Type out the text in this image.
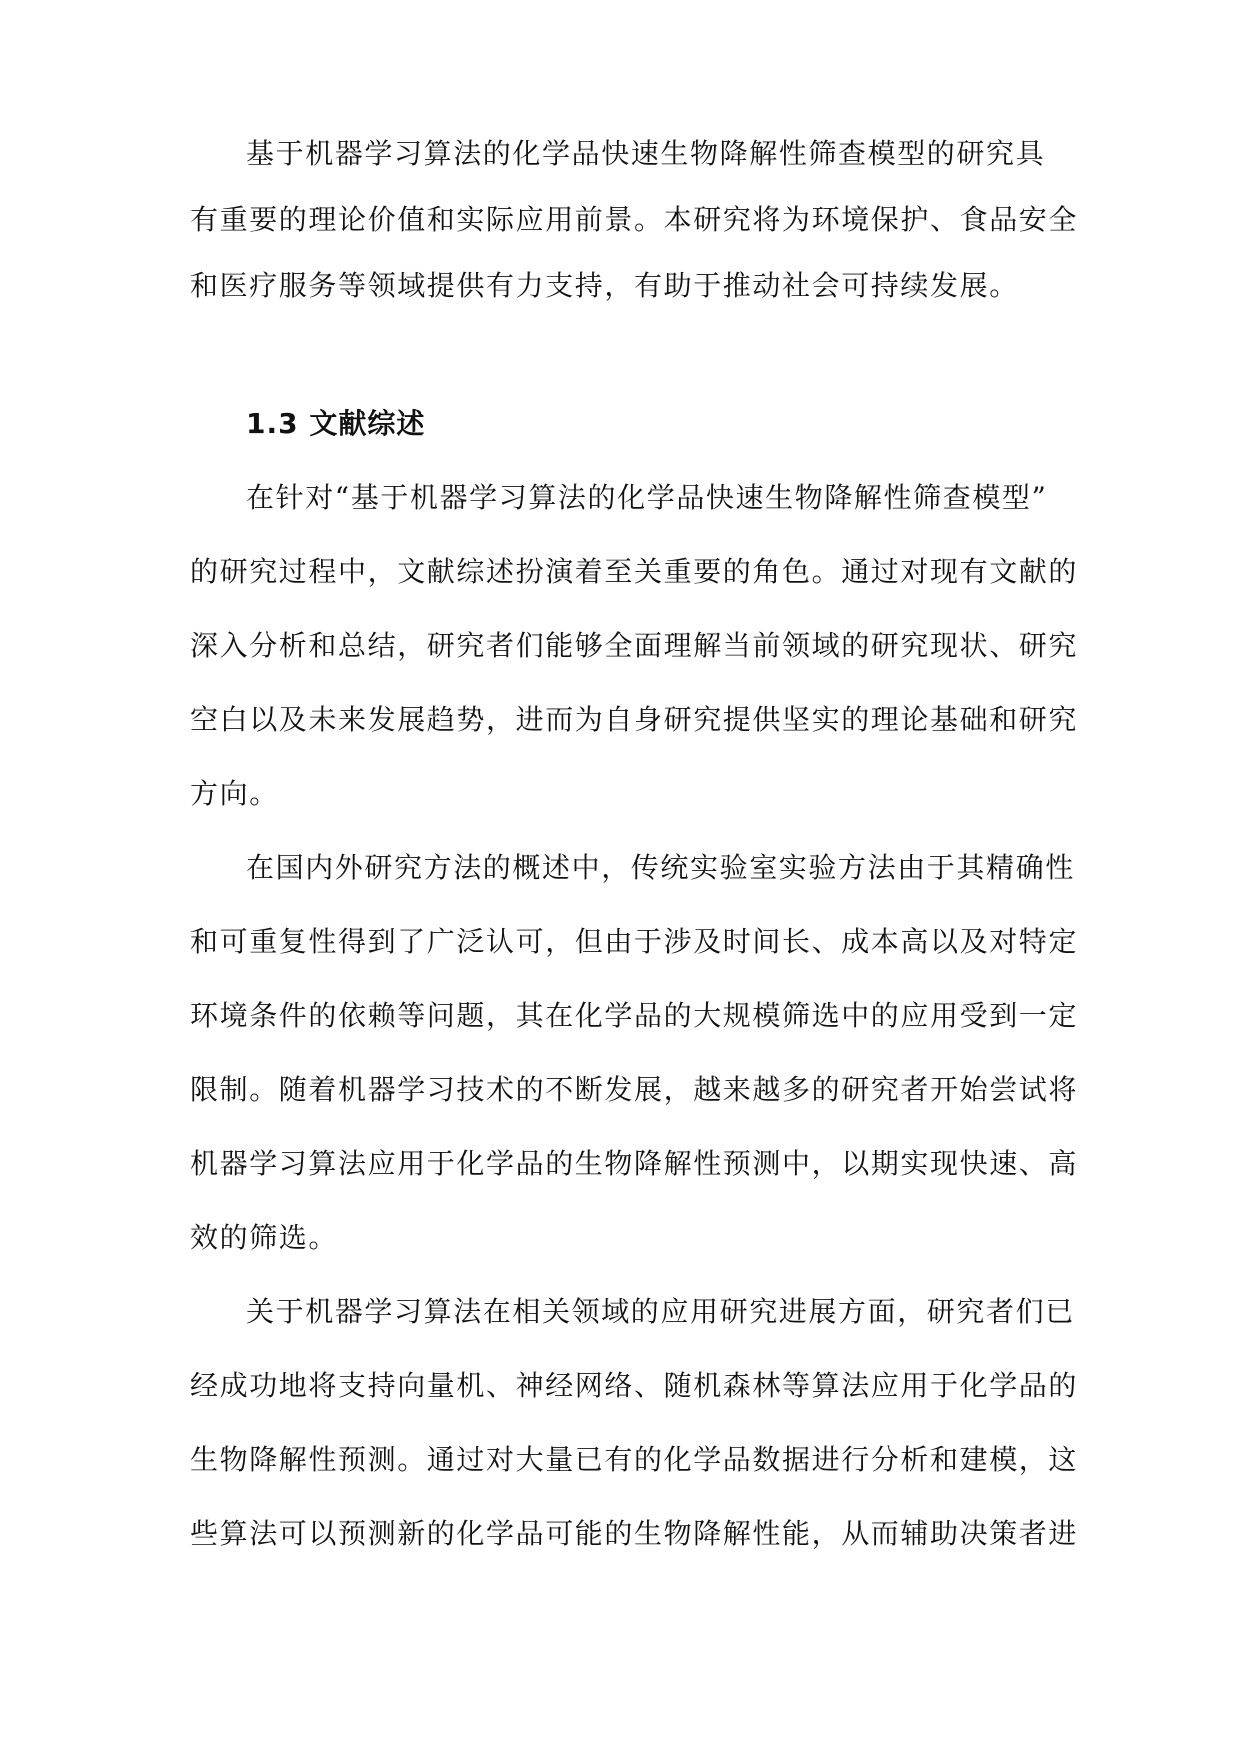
基于机器学习算法的化学品快速生物降解性筛查模型的研究具
有重要的理论价值和实际应用前景。本研究将为环境保护、食品安全
和医疗服务等领域提供有力支持，有助于推动社会可持续发展。
1.3 文献综述
在针对“基于机器学习算法的化学品快速生物降解性筛查模型”
的研究过程中，文献综述扮演着至关重要的角色。通过对现有文献的
深入分析和总结，研究者们能够全面理解当前领域的研究现状、研究
空白以及未来发展趋势，进而为自身研究提供坚实的理论基础和研究
方向。
在国内外研究方法的概述中，传统实验室实验方法由于其精确性
和可重复性得到了广泛认可，但由于涉及时间长、成本高以及对特定
环境条件的依赖等问题，其在化学品的大规模筛选中的应用受到一定
限制。随着机器学习技术的不断发展，越来越多的研究者开始尝试将
机器学习算法应用于化学品的生物降解性预测中，以期实现快速、高
效的筛选。
关于机器学习算法在相关领域的应用研究进展方面，研究者们已
经成功地将支持向量机、神经网络、随机森林等算法应用于化学品的
生物降解性预测。通过对大量已有的化学品数据进行分析和建模，这
些算法可以预测新的化学品可能的生物降解性能，从而辅助决策者进
